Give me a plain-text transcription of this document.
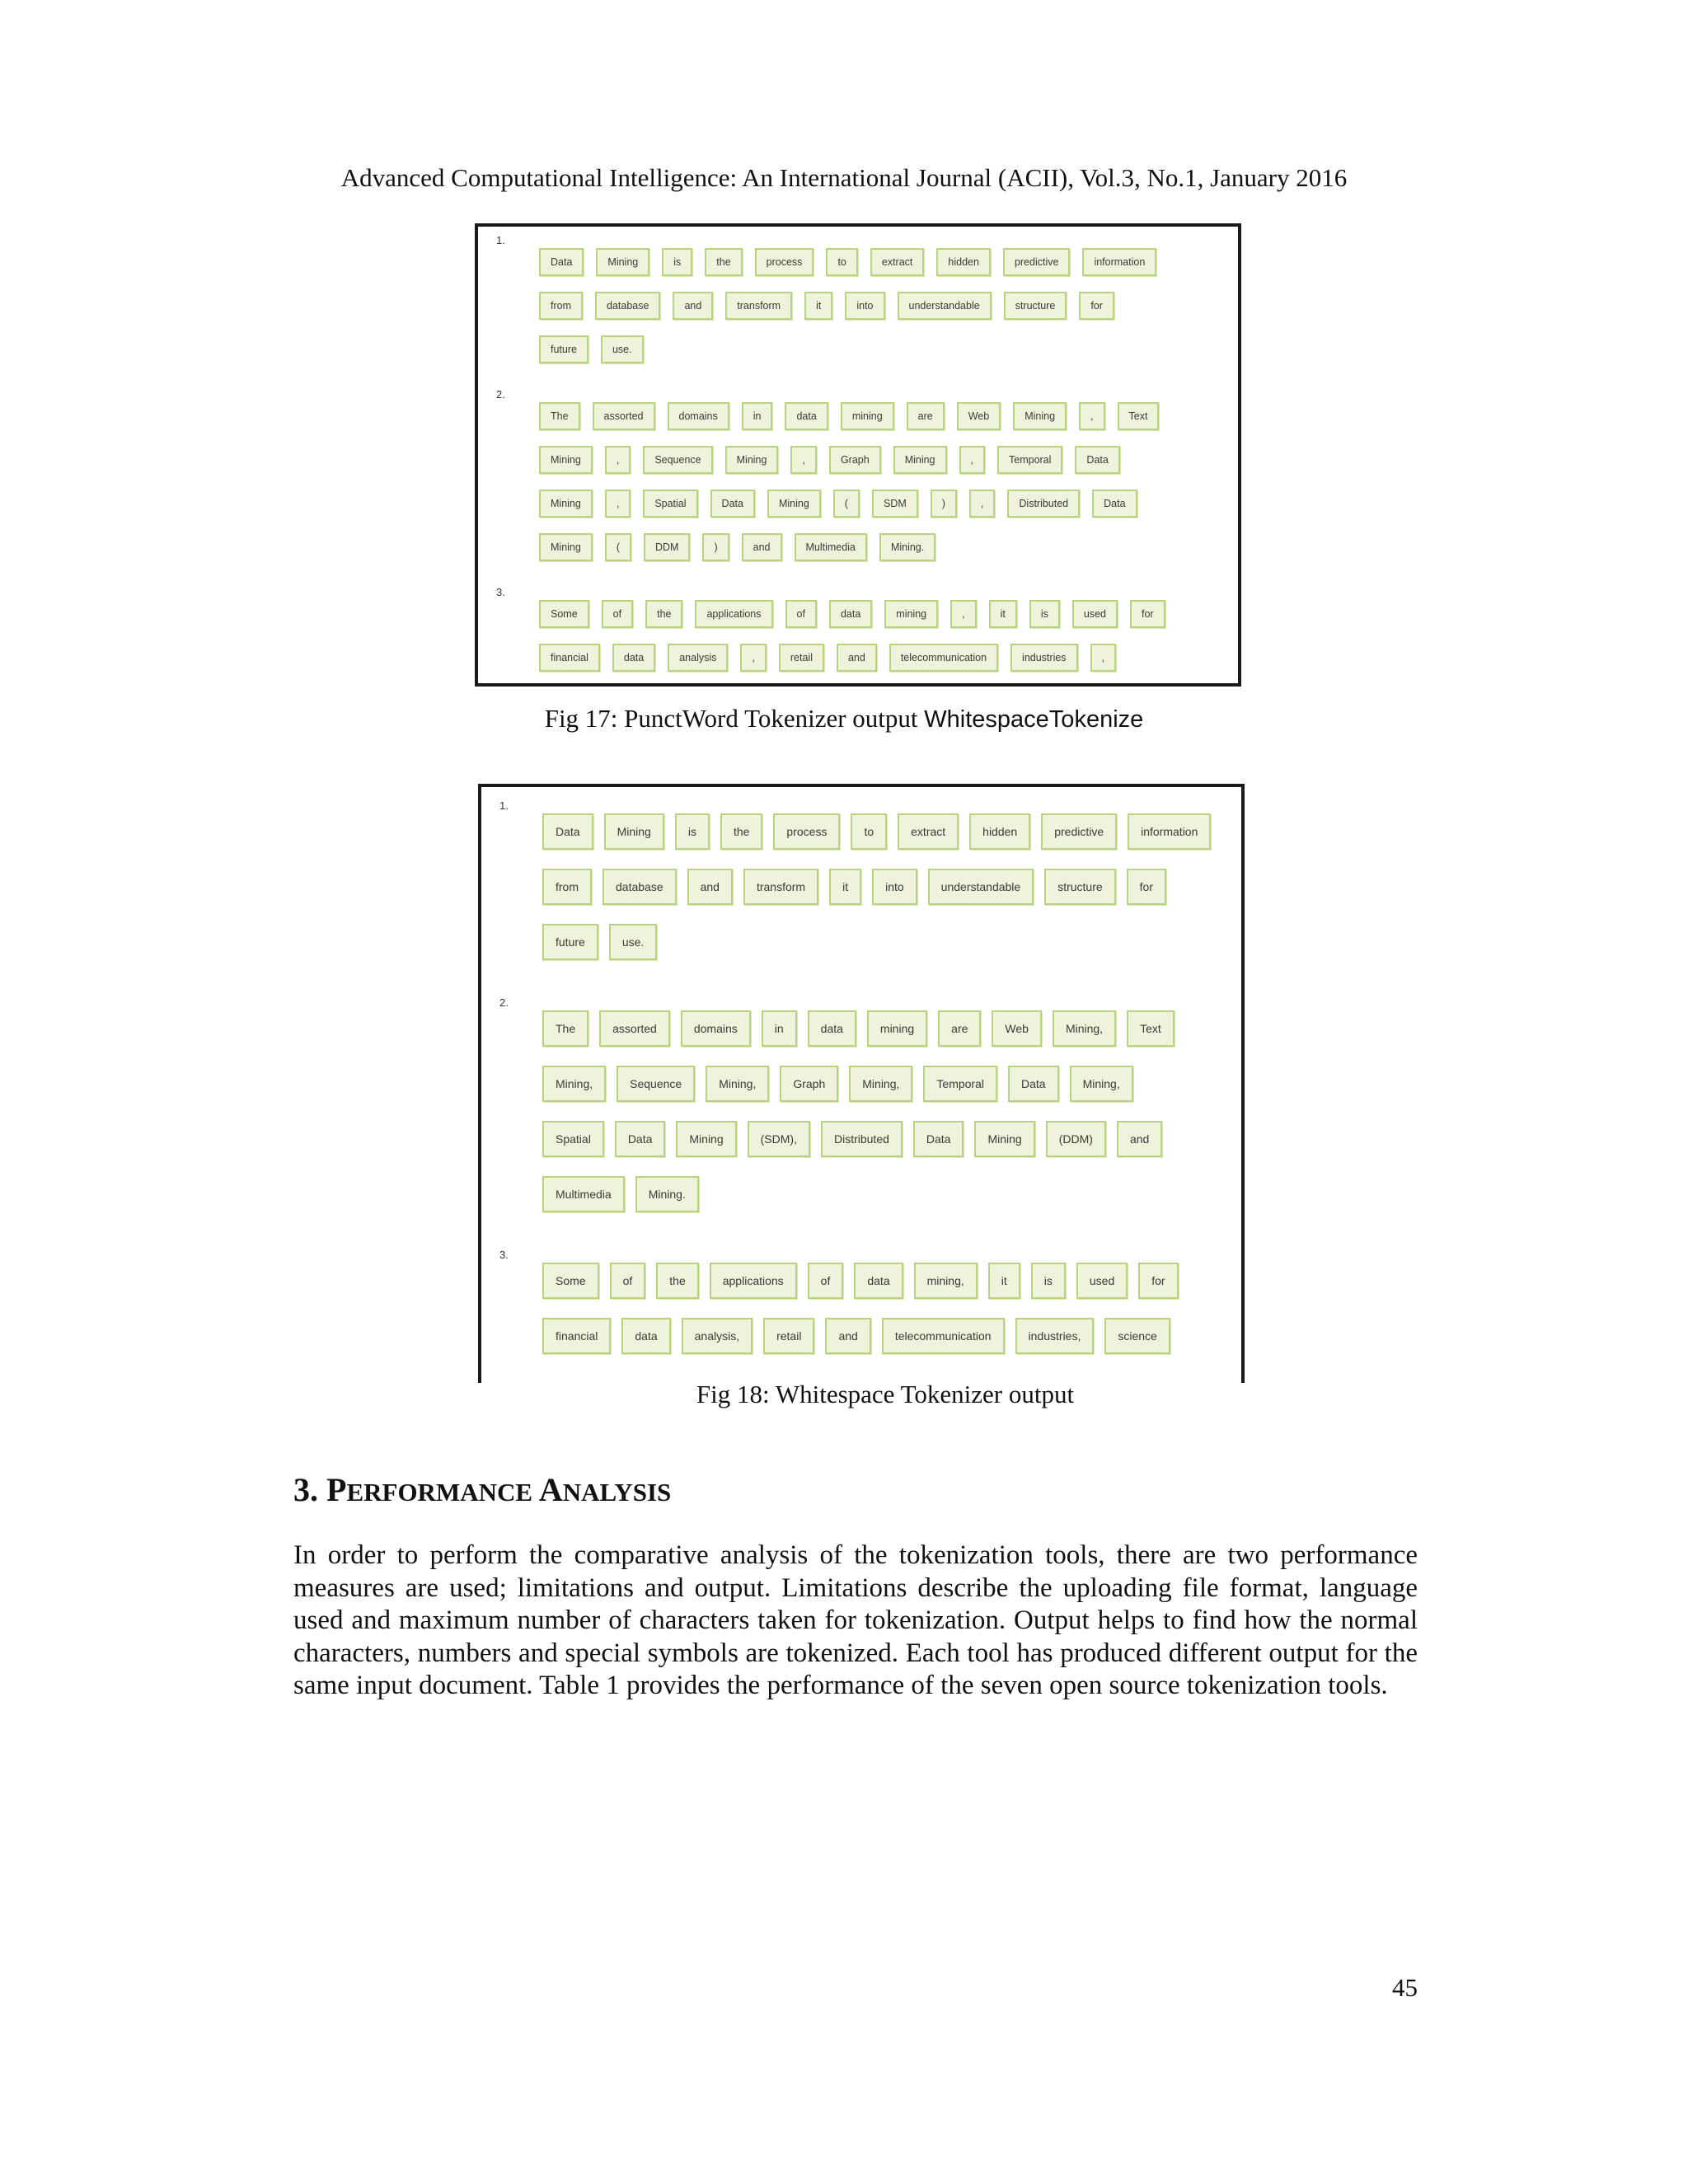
Advanced Computational Intelligence: An International Journal (ACII), Vol.3, No.1, January 2016
1.
Data	Mining	is	the	process	to	extract	hidden	predictive	information
from	database	and	transform	it	into	understandable	structure	for
future	use.
2.
The	assorted	domains	in	data	mining	are	Web	Mining	,	Text
Mining	,	Sequence	Mining	,	Graph	Mining	,	Temporal	Data
Mining	,	Spatial	Data	Mining	(	SDM	)	,	Distributed	Data
Mining	(	DDM	)	and	Multimedia	Mining.
3.
Some	of	the	applications	of	data	mining	,	it	is	used	for
financial	data	analysis	,	retail	and	telecommunication	industries	,
Fig 17: PunctWord Tokenizer output WhitespaceTokenize
1.
Data	Mining	is	the	process	to	extract	hidden	predictive	information
from	database	and	transform	it	into	understandable	structure	for
future	use.
2.
The	assorted	domains	in	data	mining	are	Web	Mining,	Text
Mining,	Sequence	Mining,	Graph	Mining,	Temporal	Data	Mining,
Spatial	Data	Mining	(SDM),	Distributed	Data	Mining	(DDM)	and
Multimedia	Mining.
3.
Some	of	the	applications	of	data	mining,	it	is	used	for
financial	data	analysis,	retail	and	telecommunication	industries,	science
Fig 18: Whitespace Tokenizer output
3. PERFORMANCE ANALYSIS
In order to perform the comparative analysis of the tokenization tools, there are two performance measures are used; limitations and output. Limitations describe the uploading file format, language used and maximum number of characters taken for tokenization. Output helps to find how the normal characters, numbers and special symbols are tokenized. Each tool has produced different output for the same input document. Table 1 provides the performance of the seven open source tokenization tools.
45
